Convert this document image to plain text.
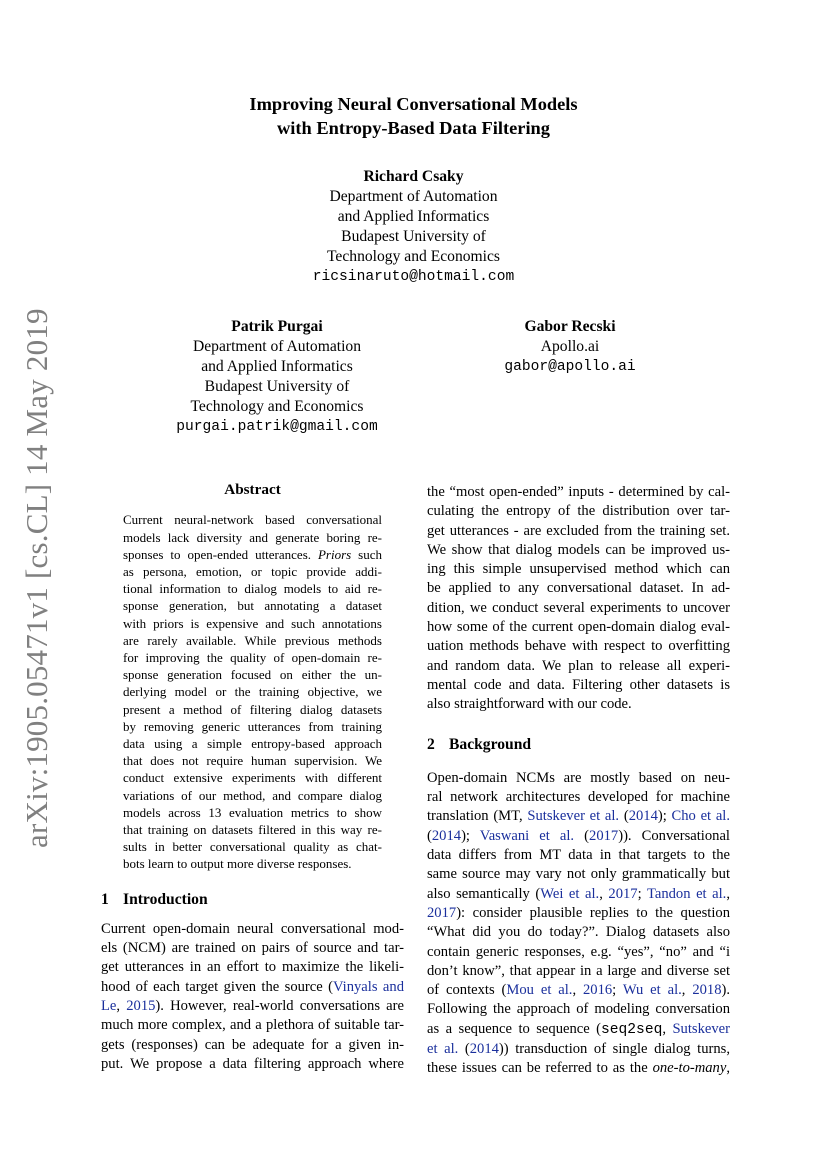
arXiv:1905.05471v1 [cs.CL] 14 May 2019
Improving Neural Conversational Models
with Entropy-Based Data Filtering
Richard Csaky
Department of Automation
and Applied Informatics
Budapest University of
Technology and Economics
ricsinaruto@hotmail.com
Patrik Purgai
Department of Automation
and Applied Informatics
Budapest University of
Technology and Economics
purgai.patrik@gmail.com
Gabor Recski
Apollo.ai
gabor@apollo.ai
Abstract
Current neural-network based conversational
models lack diversity and generate boring re-
sponses to open-ended utterances. Priors such
as persona, emotion, or topic provide addi-
tional information to dialog models to aid re-
sponse generation, but annotating a dataset
with priors is expensive and such annotations
are rarely available. While previous methods
for improving the quality of open-domain re-
sponse generation focused on either the un-
derlying model or the training objective, we
present a method of filtering dialog datasets
by removing generic utterances from training
data using a simple entropy-based approach
that does not require human supervision. We
conduct extensive experiments with different
variations of our method, and compare dialog
models across 13 evaluation metrics to show
that training on datasets filtered in this way re-
sults in better conversational quality as chat-
bots learn to output more diverse responses.
1 Introduction
Current open-domain neural conversational mod-
els (NCM) are trained on pairs of source and tar-
get utterances in an effort to maximize the likeli-
hood of each target given the source (Vinyals and
Le, 2015). However, real-world conversations are
much more complex, and a plethora of suitable tar-
gets (responses) can be adequate for a given in-
put. We propose a data filtering approach where
the “most open-ended” inputs - determined by cal-
culating the entropy of the distribution over tar-
get utterances - are excluded from the training set.
We show that dialog models can be improved us-
ing this simple unsupervised method which can
be applied to any conversational dataset. In ad-
dition, we conduct several experiments to uncover
how some of the current open-domain dialog eval-
uation methods behave with respect to overfitting
and random data. We plan to release all experi-
mental code and data. Filtering other datasets is
also straightforward with our code.
2 Background
Open-domain NCMs are mostly based on neu-
ral network architectures developed for machine
translation (MT, Sutskever et al. (2014); Cho et al.
(2014); Vaswani et al. (2017)). Conversational
data differs from MT data in that targets to the
same source may vary not only grammatically but
also semantically (Wei et al., 2017; Tandon et al.,
2017): consider plausible replies to the question
“What did you do today?”. Dialog datasets also
contain generic responses, e.g. “yes”, “no” and “i
don’t know”, that appear in a large and diverse set
of contexts (Mou et al., 2016; Wu et al., 2018).
Following the approach of modeling conversation
as a sequence to sequence (seq2seq, Sutskever
et al. (2014)) transduction of single dialog turns,
these issues can be referred to as the one-to-many,
